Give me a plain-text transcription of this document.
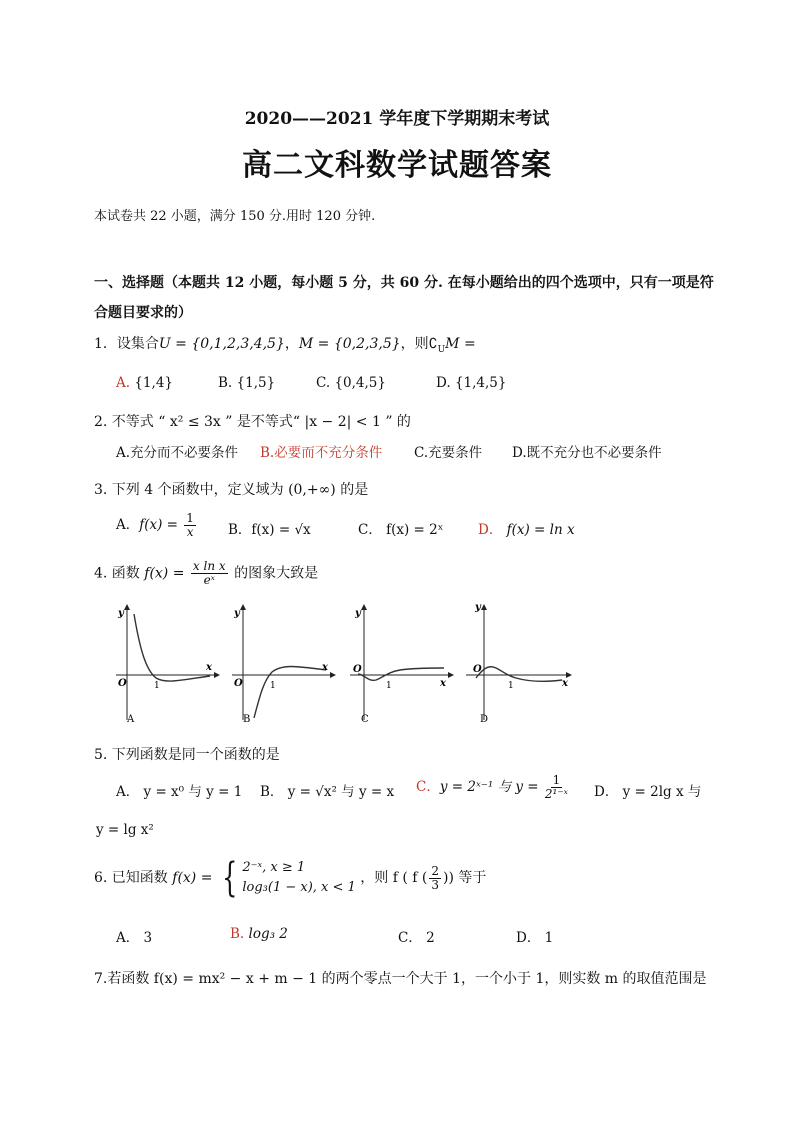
2020——2021 学年度下学期期末考试
高二文科数学试题答案
本试卷共 22 小题，满分 150 分.用时 120 分钟.
一、选择题（本题共 12 小题，每小题 5 分，共 60 分. 在每小题给出的四个选项中，只有一项是符合题目要求的）
1．设集合U = {0,1,2,3,4,5}，M = {0,2,3,5}，则$∁_UM$ =
A. {1,4}	B. {1,5}	C. {0,4,5}	D. {1,4,5}
2. 不等式 “ x² ≤ 3x ” 是不等式“ |x − 2| < 1 ” 的
A.充分而不必要条件 B.必要而不充分条件 C.充要条件 D.既不充分也不必要条件
3. 下列 4 个函数中，定义域为 (0,+∞) 的是
A．$f(x) = \frac{1}{x}$ B．f(x) = √x	C． f(x) = 2ˣ	D． f(x) = ln x
4. 函数 $f(x) = \frac{\text{x ln x}}{\text{eˣ}}$ 的图象大致是
y
x
O	1
A
y
x
O	1
B
y
x
O
1
C
y
x
O
1
D
5. 下列函数是同一个函数的是
A． y = x⁰ 与 y = 1 B． y = √x² 与 y = x C．y = 2ˣ⁻¹ 与 $y = \frac{1}{\text{2¹⁻ˣ}}$ D． y = 2lg x 与
y = lg x²
6. 已知函数 f(x) = { 2⁻ˣ, x ≥ 1
log₃(1 − x), x < 1
，则 f ( f ( $\frac{2}{3}$ )) 等于
A． 3	B. log₃ 2	C． 2	D． 1
7.若函数 f(x) = mx² − x + m − 1 的两个零点一个大于 1，一个小于 1，则实数 m 的取值范围是
